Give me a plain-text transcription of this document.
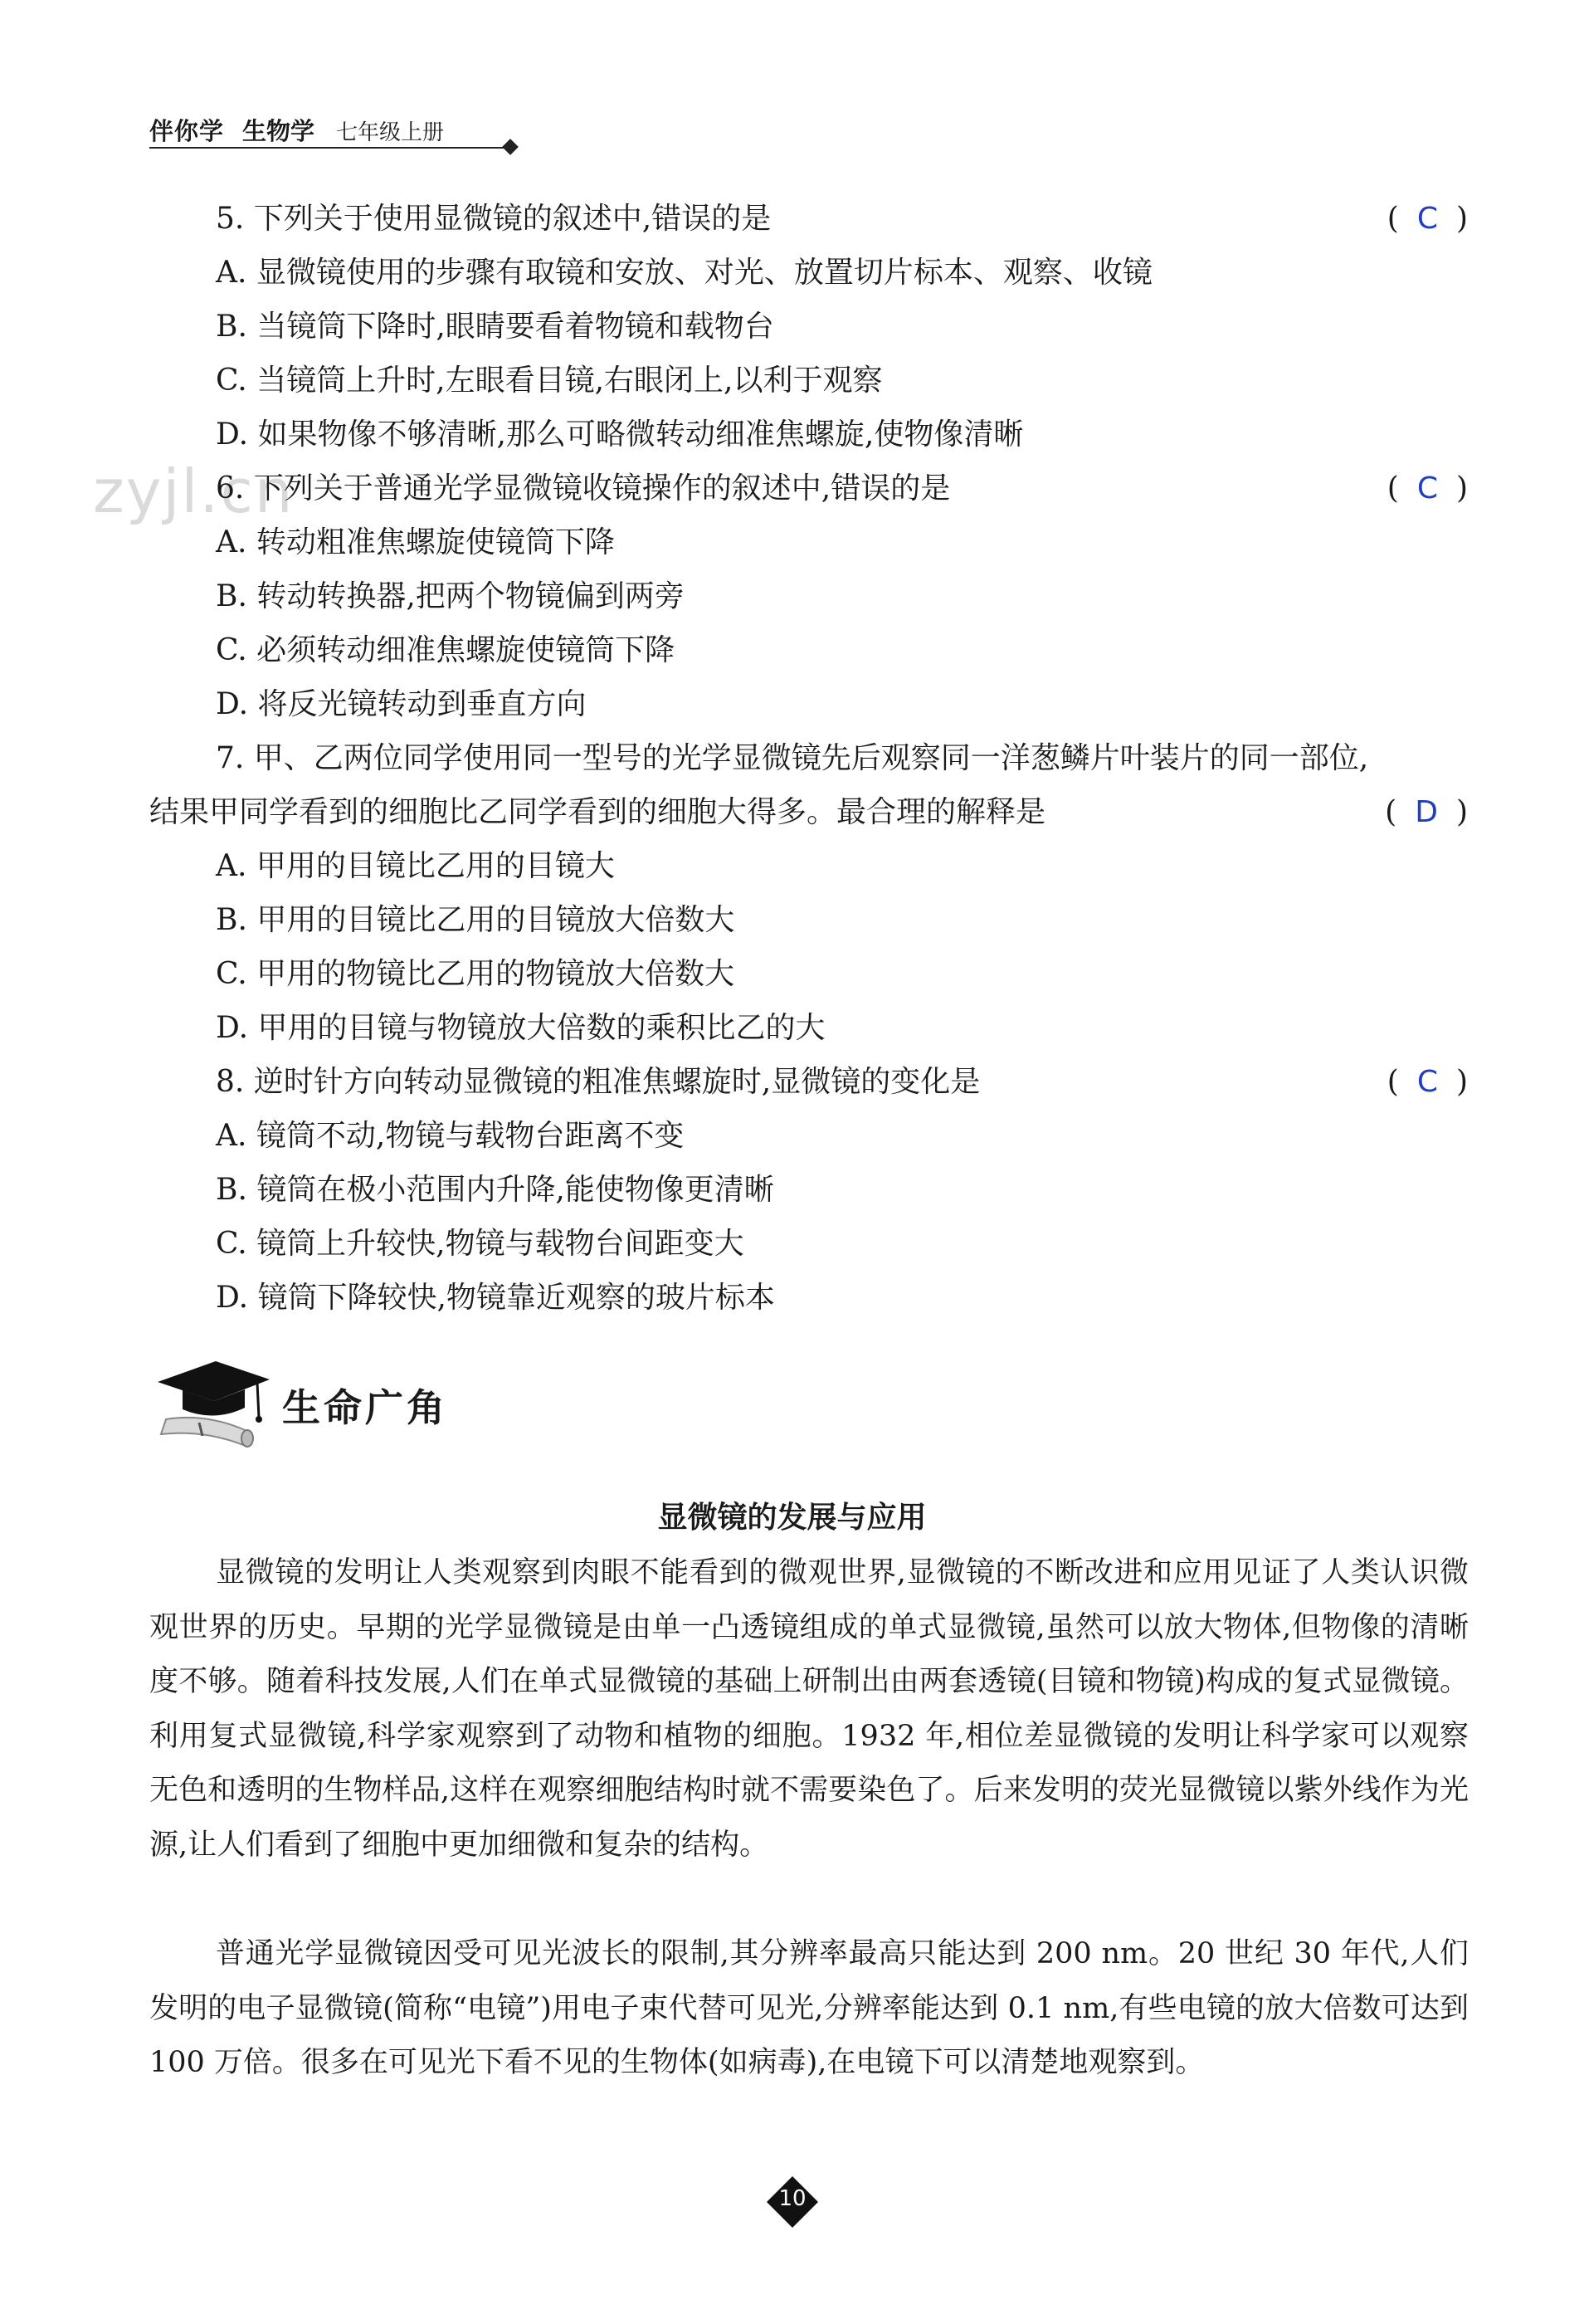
伴你学 生物学 七年级上册
zyjl.cn
5. 下列关于使用显微镜的叙述中,错误的是	( C )
A. 显微镜使用的步骤有取镜和安放、对光、放置切片标本、观察、收镜
B. 当镜筒下降时,眼睛要看着物镜和载物台
C. 当镜筒上升时,左眼看目镜,右眼闭上,以利于观察
D. 如果物像不够清晰,那么可略微转动细准焦螺旋,使物像清晰
6. 下列关于普通光学显微镜收镜操作的叙述中,错误的是	( C )
A. 转动粗准焦螺旋使镜筒下降
B. 转动转换器,把两个物镜偏到两旁
C. 必须转动细准焦螺旋使镜筒下降
D. 将反光镜转动到垂直方向
7. 甲、乙两位同学使用同一型号的光学显微镜先后观察同一洋葱鳞片叶装片的同一部位,
结果甲同学看到的细胞比乙同学看到的细胞大得多。最合理的解释是	( D )
A. 甲用的目镜比乙用的目镜大
B. 甲用的目镜比乙用的目镜放大倍数大
C. 甲用的物镜比乙用的物镜放大倍数大
D. 甲用的目镜与物镜放大倍数的乘积比乙的大
8. 逆时针方向转动显微镜的粗准焦螺旋时,显微镜的变化是	( C )
A. 镜筒不动,物镜与载物台距离不变
B. 镜筒在极小范围内升降,能使物像更清晰
C. 镜筒上升较快,物镜与载物台间距变大
D. 镜筒下降较快,物镜靠近观察的玻片标本
生命广角
显微镜的发展与应用
显微镜的发明让人类观察到肉眼不能看到的微观世界,显微镜的不断改进和应用见证了人类认识微观世界的历史。早期的光学显微镜是由单一凸透镜组成的单式显微镜,虽然可以放大物体,但物像的清晰度不够。随着科技发展,人们在单式显微镜的基础上研制出由两套透镜(目镜和物镜)构成的复式显微镜。利用复式显微镜,科学家观察到了动物和植物的细胞。1932 年,相位差显微镜的发明让科学家可以观察无色和透明的生物样品,这样在观察细胞结构时就不需要染色了。后来发明的荧光显微镜以紫外线作为光源,让人们看到了细胞中更加细微和复杂的结构。
普通光学显微镜因受可见光波长的限制,其分辨率最高只能达到 200 nm。20 世纪 30 年代,人们发明的电子显微镜(简称“电镜”)用电子束代替可见光,分辨率能达到 0.1 nm,有些电镜的放大倍数可达到 100 万倍。很多在可见光下看不见的生物体(如病毒),在电镜下可以清楚地观察到。
10
